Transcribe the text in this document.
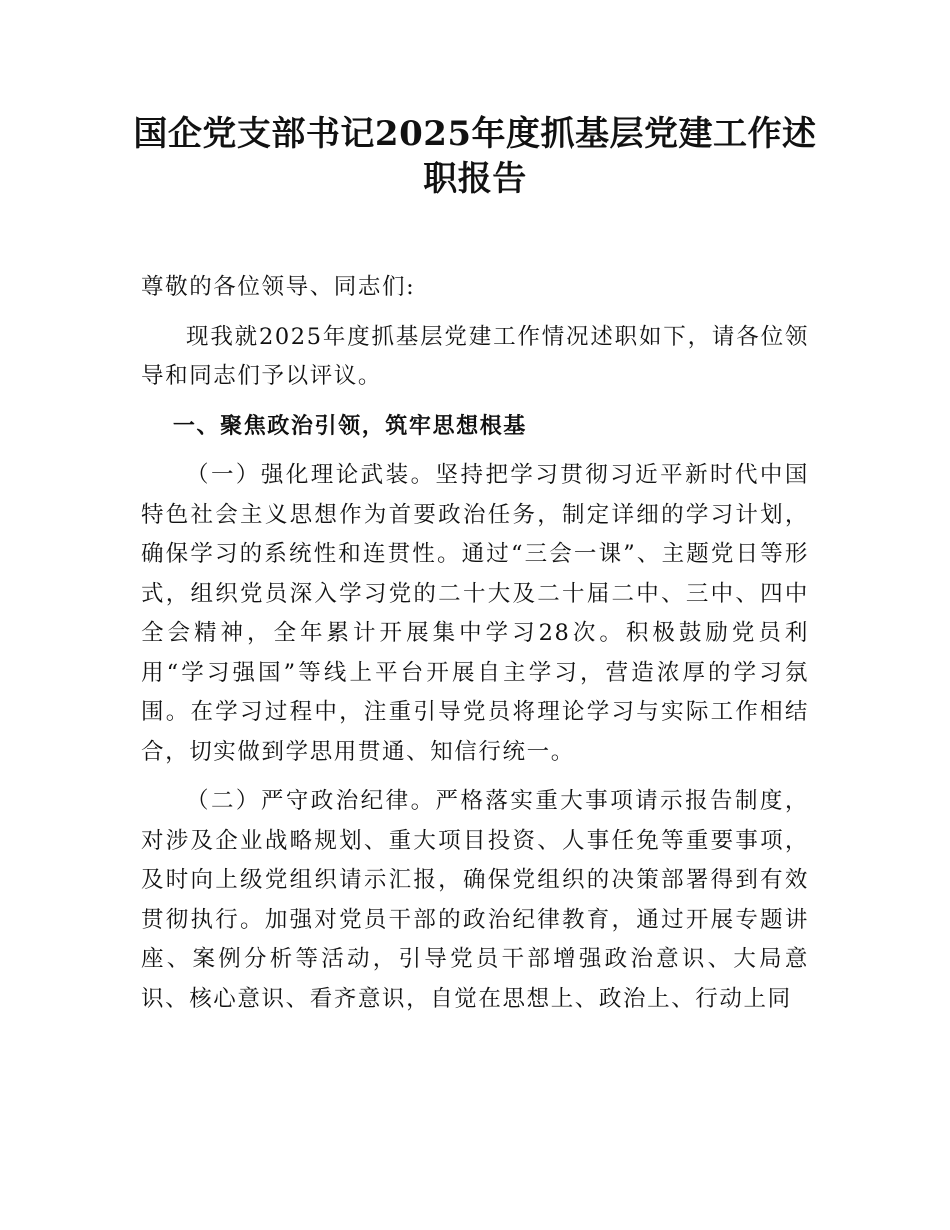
国企党支部书记2025年度抓基层党建工作述职报告

尊敬的各位领导、同志们:

现我就2025年度抓基层党建工作情况述职如下，请各位领导和同志们予以评议。

一、聚焦政治引领，筑牢思想根基

（一）强化理论武装。坚持把学习贯彻习近平新时代中国特色社会主义思想作为首要政治任务，制定详细的学习计划，确保学习的系统性和连贯性。通过“三会一课”、主题党日等形式，组织党员深入学习党的二十大及二十届二中、三中、四中全会精神，全年累计开展集中学习28次。积极鼓励党员利用“学习强国”等线上平台开展自主学习，营造浓厚的学习氛围。在学习过程中，注重引导党员将理论学习与实际工作相结合，切实做到学思用贯通、知信行统一。

（二）严守政治纪律。严格落实重大事项请示报告制度，对涉及企业战略规划、重大项目投资、人事任免等重要事项，及时向上级党组织请示汇报，确保党组织的决策部署得到有效贯彻执行。加强对党员干部的政治纪律教育，通过开展专题讲座、案例分析等活动，引导党员干部增强政治意识、大局意识、核心意识、看齐意识，自觉在思想上、政治上、行动上同
